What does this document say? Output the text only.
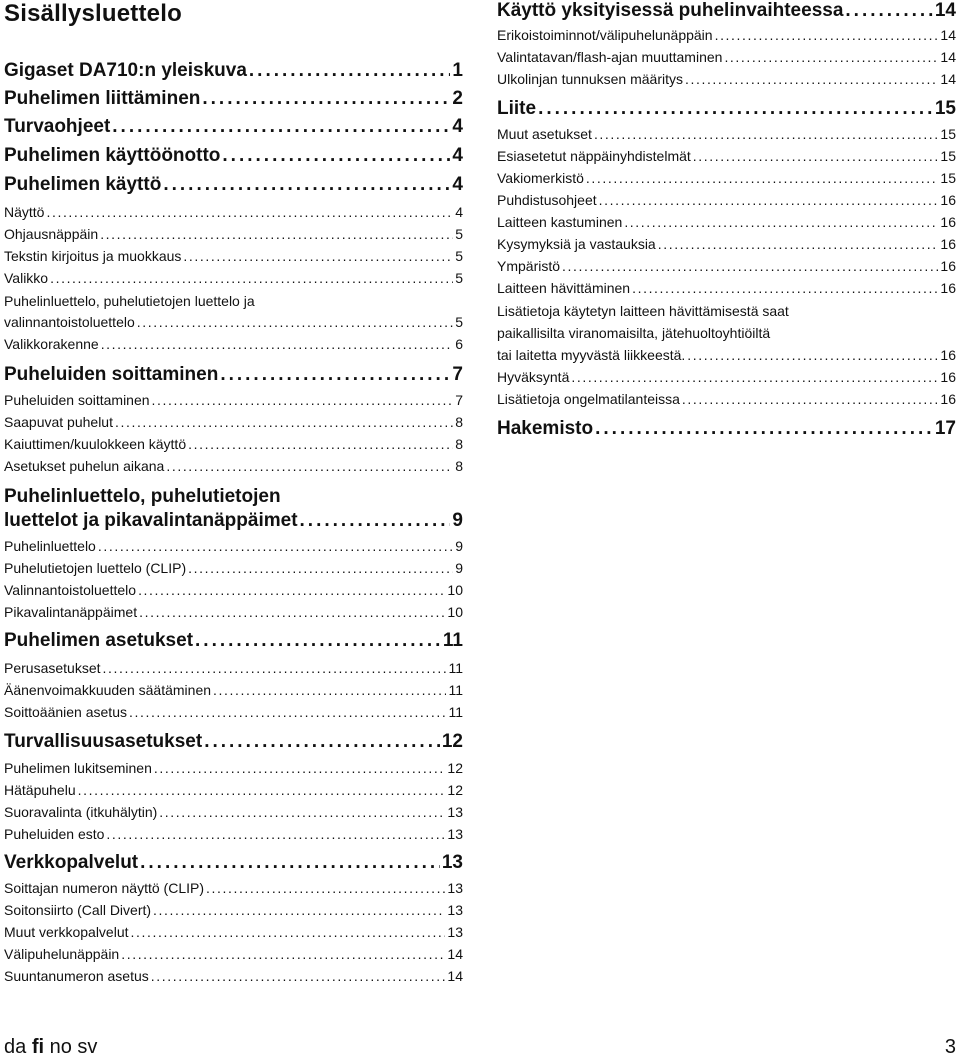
Sisällysluettelo
Gigaset DA710:n yleiskuva .....	1
Puhelimen liittäminen .....	2
Turvaohjeet .....	4
Puhelimen käyttöönotto .....	4
Puhelimen käyttö .....	4
Näyttö .....	4
Ohjausnäppäin .....	5
Tekstin kirjoitus ja muokkaus .....	5
Valikko .....	5
Puhelinluettelo, puhelutietojen luettelo ja
valinnantoistoluettelo .....	5
Valikkorakenne .....	6
Puheluiden soittaminen .....	7
Puheluiden soittaminen .....	7
Saapuvat puhelut .....	8
Kaiuttimen/kuulokkeen käyttö .....	8
Asetukset puhelun aikana .....	8
Puhelinluettelo, puhelutietojen
luettelot ja pikavalintanäppäimet .....	9
Puhelinluettelo .....	9
Puhelutietojen luettelo (CLIP) .....	9
Valinnantoistoluettelo .....	10
Pikavalintanäppäimet .....	10
Puhelimen asetukset .....	11
Perusasetukset .....	11
Äänenvoimakkuuden säätäminen .....	11
Soittoäänien asetus .....	11
Turvallisuusasetukset .....	12
Puhelimen lukitseminen .....	12
Hätäpuhelu .....	12
Suoravalinta (itkuhälytin) .....	13
Puheluiden esto .....	13
Verkkopalvelut .....	13
Soittajan numeron näyttö (CLIP) .....	13
Soitonsiirto (Call Divert) .....	13
Muut verkkopalvelut .....	13
Välipuhelunäppäin .....	14
Suuntanumeron asetus .....	14
Käyttö yksityisessä puhelinvaihteessa .....	14
Erikoistoiminnot/välipuhelunäppäin .....	14
Valintatavan/flash-ajan muuttaminen .....	14
Ulkolinjan tunnuksen määritys .....	14
Liite .....	15
Muut asetukset .....	15
Esiasetetut näppäinyhdistelmät .....	15
Vakiomerkistö .....	15
Puhdistusohjeet .....	16
Laitteen kastuminen .....	16
Kysymyksiä ja vastauksia .....	16
Ympäristö .....	16
Laitteen hävittäminen .....	16
Lisätietoja käytetyn laitteen hävittämisestä saat
paikallisilta viranomaisilta, jätehuoltoyhtiöiltä
tai laitetta myyvästä liikkeestä. .....	16
Hyväksyntä .....	16
Lisätietoja ongelmatilanteissa .....	16
Hakemisto .....	17
da fi no sv	3
